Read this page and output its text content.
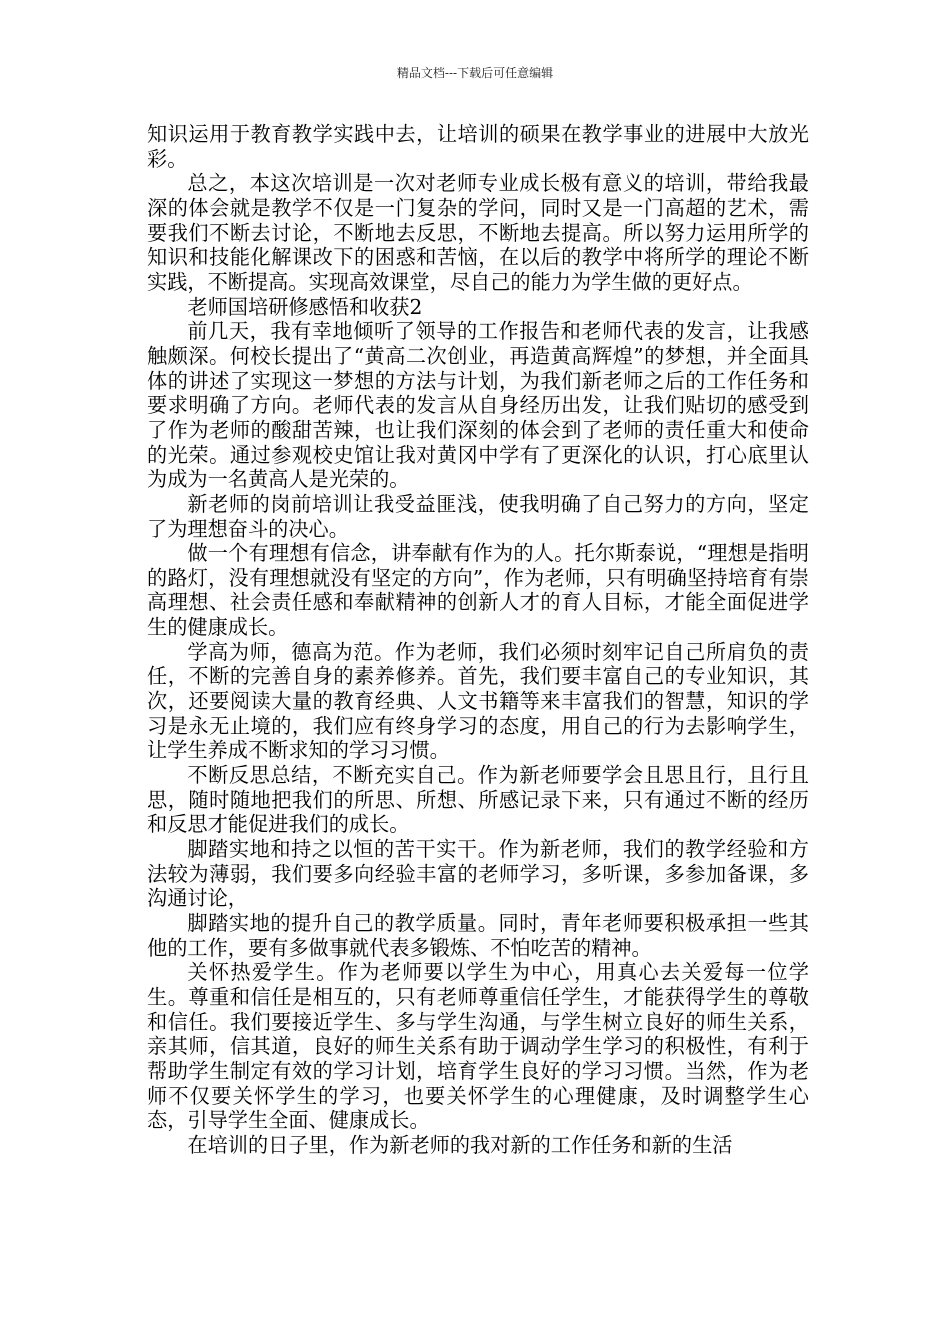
精品文档---下载后可任意编辑

知识运用于教育教学实践中去，让培训的硕果在教学事业的进展中大放光彩。

总之，本这次培训是一次对老师专业成长极有意义的培训，带给我最深的体会就是教学不仅是一门复杂的学问，同时又是一门高超的艺术，需要我们不断去讨论，不断地去反思，不断地去提高。所以努力运用所学的知识和技能化解课改下的困惑和苦恼，在以后的教学中将所学的理论不断实践，不断提高。实现高效课堂，尽自己的能力为学生做的更好点。

老师国培研修感悟和收获2

前几天，我有幸地倾听了领导的工作报告和老师代表的发言，让我感触颇深。何校长提出了“黄高二次创业，再造黄高辉煌”的梦想，并全面具体的讲述了实现这一梦想的方法与计划，为我们新老师之后的工作任务和要求明确了方向。老师代表的发言从自身经历出发，让我们贴切的感受到了作为老师的酸甜苦辣，也让我们深刻的体会到了老师的责任重大和使命的光荣。通过参观校史馆让我对黄冈中学有了更深化的认识，打心底里认为成为一名黄高人是光荣的。

新老师的岗前培训让我受益匪浅，使我明确了自己努力的方向，坚定了为理想奋斗的决心。

做一个有理想有信念，讲奉献有作为的人。托尔斯泰说，“理想是指明的路灯，没有理想就没有坚定的方向”，作为老师，只有明确坚持培育有崇高理想、社会责任感和奉献精神的创新人才的育人目标，才能全面促进学生的健康成长。

学高为师，德高为范。作为老师，我们必须时刻牢记自己所肩负的责任，不断的完善自身的素养修养。首先，我们要丰富自己的专业知识，其次，还要阅读大量的教育经典、人文书籍等来丰富我们的智慧，知识的学习是永无止境的，我们应有终身学习的态度，用自己的行为去影响学生，让学生养成不断求知的学习习惯。

不断反思总结，不断充实自己。作为新老师要学会且思且行，且行且思，随时随地把我们的所思、所想、所感记录下来，只有通过不断的经历和反思才能促进我们的成长。

脚踏实地和持之以恒的苦干实干。作为新老师，我们的教学经验和方法较为薄弱，我们要多向经验丰富的老师学习，多听课，多参加备课，多沟通讨论，

脚踏实地的提升自己的教学质量。同时，青年老师要积极承担一些其他的工作，要有多做事就代表多锻炼、不怕吃苦的精神。

关怀热爱学生。作为老师要以学生为中心，用真心去关爱每一位学生。尊重和信任是相互的，只有老师尊重信任学生，才能获得学生的尊敬和信任。我们要接近学生、多与学生沟通，与学生树立良好的师生关系，亲其师，信其道，良好的师生关系有助于调动学生学习的积极性，有利于帮助学生制定有效的学习计划，培育学生良好的学习习惯。当然，作为老师不仅要关怀学生的学习，也要关怀学生的心理健康，及时调整学生心态，引导学生全面、健康成长。

在培训的日子里，作为新老师的我对新的工作任务和新的生活
